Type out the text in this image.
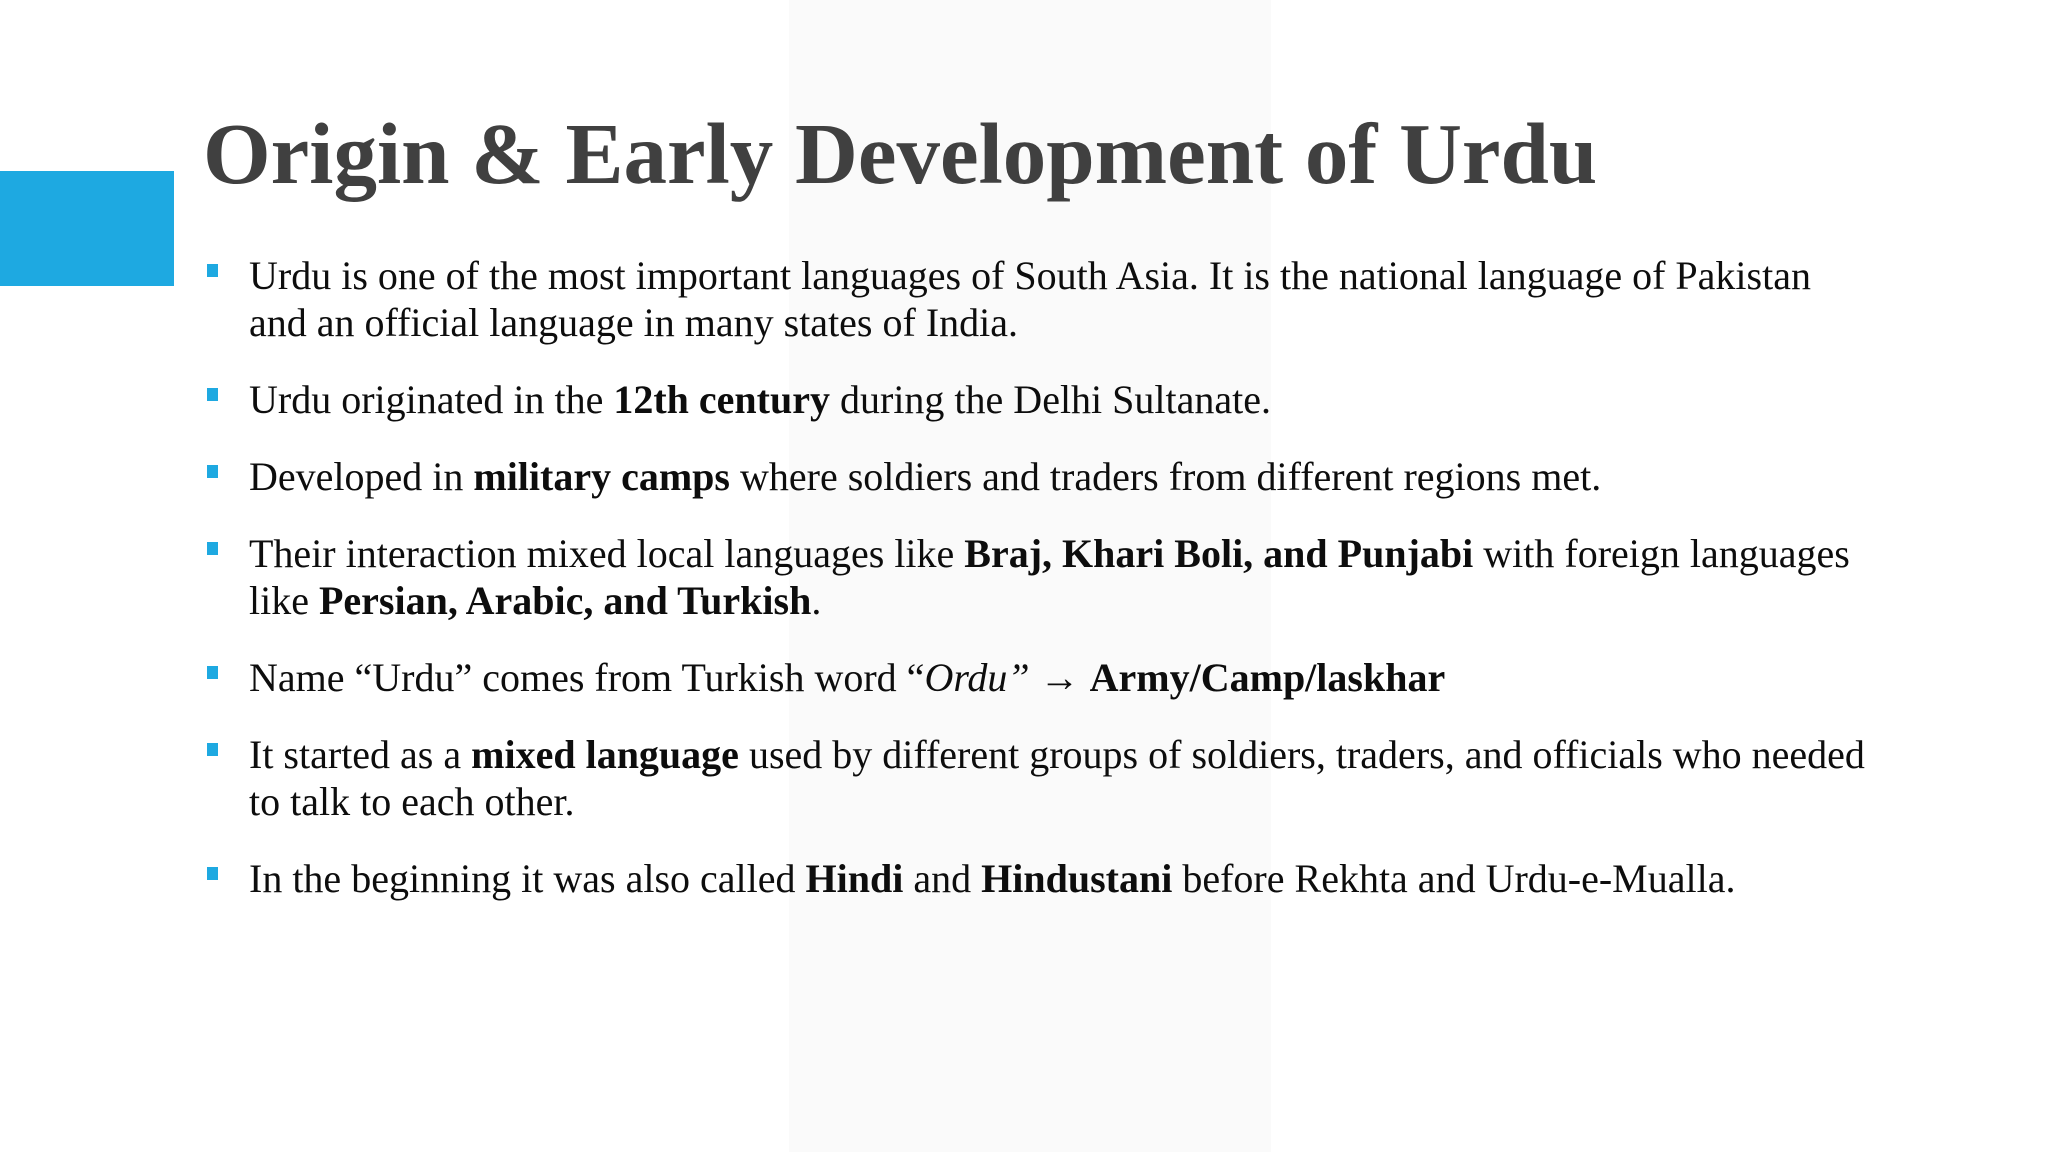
Origin & Early Development of Urdu
Urdu is one of the most important languages of South Asia. It is the national language of Pakistan and an official language in many states of India.
Urdu originated in the 12th century during the Delhi Sultanate.
Developed in military camps where soldiers and traders from different regions met.
Their interaction mixed local languages like Braj, Khari Boli, and Punjabi with foreign languages like Persian, Arabic, and Turkish.
Name “Urdu” comes from Turkish word “Ordu” → Army/Camp/laskhar
It started as a mixed language used by different groups of soldiers, traders, and officials who needed to talk to each other.
In the beginning it was also called Hindi and Hindustani before Rekhta and Urdu-e-Mualla.
